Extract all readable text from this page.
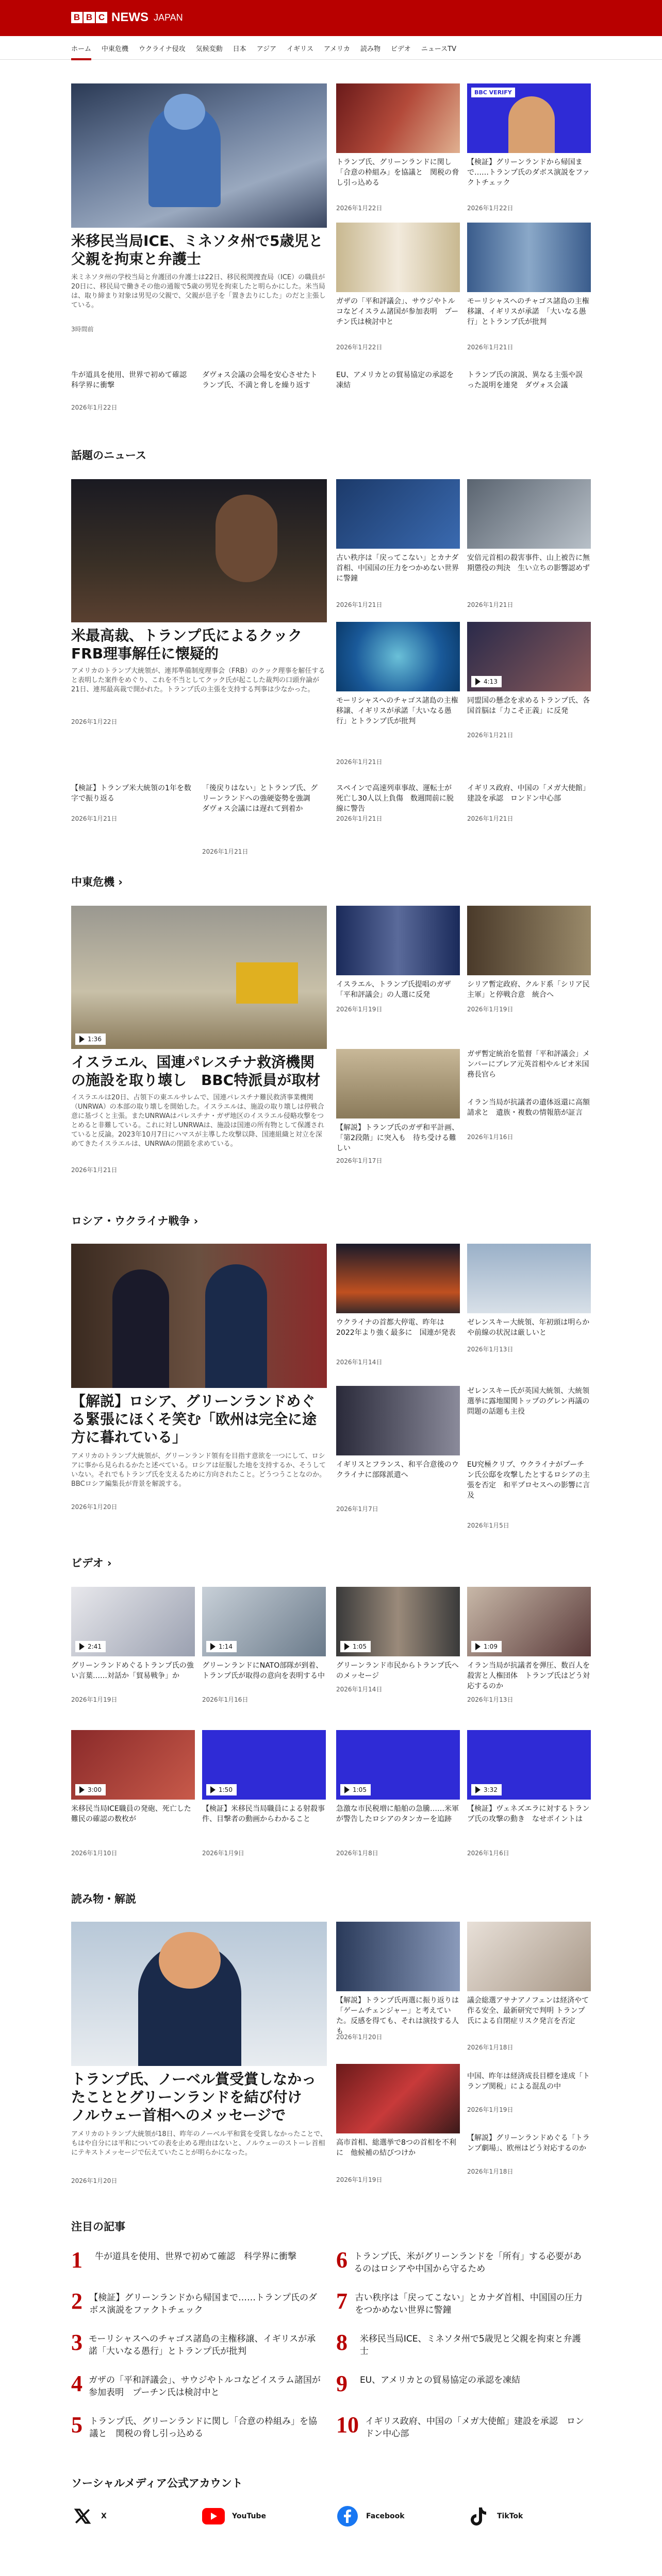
B B C NEWS JAPAN
ホーム 中東危機 ウクライナ侵攻 気候変動 日本 アジア イギリス アメリカ 読み物 ビデオ ニュースTV
米移民当局ICE、ミネソタ州で5歳児と父親を拘束と弁護士
米ミネソタ州の学校当局と弁護団の弁護士は22日、移民税関捜査局（ICE）の職員が20日に、移民局で働きその他の通報で5歳の男児を拘束したと明らかにした。米当局は、取り締まり対象は男児の父親で、父親が息子を「置き去りにした」のだと主張している。
3時間前
トランプ氏、グリーンランドに関し「合意の枠組み」を協議と　関税の脅し引っ込める
2026年1月22日
BBC VERIFY
【検証】グリーンランドから帰国まで……トランプ氏のダボス演説をファクトチェック
2026年1月22日
ガザの「平和評議会」、サウジやトルコなどイスラム諸国が参加表明　プーチン氏は検討中と
2026年1月22日
モーリシャスへのチャゴス諸島の主権移譲、イギリスが承諾　「大いなる愚行」とトランプ氏が批判
2026年1月21日
牛が道具を使用、世界で初めて確認　科学界に衝撃
2026年1月22日
ダヴォス会議の会場を安心させたトランプ氏、不満と脅しを繰り返す
EU、アメリカとの貿易協定の承認を凍結
トランプ氏の演説、異なる主張や誤った説明を連発　ダヴォス会議
話題のニュース
米最高裁、トランプ氏によるクック FRB理事解任に懐疑的
アメリカのトランプ大統領が、連邦準備制度理事会（FRB）のクック理事を解任すると表明した案件をめぐり、これを不当としてクック氏が起こした裁判の口頭弁論が21日、連邦最高裁で開かれた。トランプ氏の主張を支持する判事は少なかった。
2026年1月22日
古い秩序は「戻ってこない」とカナダ首相、中国国の圧力をつかめない世界に警鐘
2026年1月21日
安倍元首相の殺害事件、山上被告に無期懲役の判決　生い立ちの影響認めず
2026年1月21日
モーリシャスへのチャゴス諸島の主権移譲、イギリスが承諾「大いなる愚行」とトランプ氏が批判
2026年1月21日
4:13
同盟国の懸念を求めるトランプ氏、各国首脳は「力こそ正義」に反発
2026年1月21日
【検証】トランプ米大統領の1年を数字で振り返る
2026年1月21日
「後戻りはない」とトランプ氏、グリーンランドへの強硬姿勢を強調　ダヴォス会議には遅れて到着か
2026年1月21日
スペインで高速列車事故、運転士が死亡し30人以上負傷　数週間前に脱線に警告
2026年1月21日
イギリス政府、中国の「メガ大使館」建設を承認　ロンドン中心部
2026年1月21日
中東危機 ›
1:36
イスラエル、国連パレスチナ救済機関の施設を取り壊し　BBC特派員が取材
イスラエルは20日、占領下の東エルサレムで、国連パレスチナ難民救済事業機関（UNRWA）の本部の取り壊しを開始した。イスラエルは、施設の取り壊しは停戦合意に基づくと主張。またUNRWAはパレスチナ・ガザ地区のイスラエル侵略攻撃をつとめると非難している。これに対しUNRWAは、施設は国連の所有物として保護されていると反論。2023年10月7日にハマスが主導した攻撃以降、国連組織と対立を深めてきたイスラエルは、UNRWAの閉鎖を求めている。
2026年1月21日
イスラエル、トランプ氏提唱のガザ「平和評議会」の人選に反発
2026年1月19日
シリア暫定政府、クルド系「シリア民主軍」と停戦合意　統合へ
2026年1月19日
【解説】トランプ氏のガザ和平計画、「第2段階」に突入も　待ち受ける難しい
2026年1月17日
ガザ暫定統治を監督「平和評議会」メンバーにブレア元英首相やルビオ米国務長官ら
イラン当局が抗議者の遺体返還に高額請求と　遺族・複数の情報筋が証言
2026年1月16日
ロシア・ウクライナ戦争 ›
【解説】ロシア、グリーンランドめぐる緊張にほくそ笑む「欧州は完全に途方に暮れている」
アメリカのトランプ大統領が、グリーンランド領有を目指す意欲を一つにして、ロシアに事から見られるかたと述べている。ロシアは征服した地を支持するか、そうしていない。それでもトランプ氏を支えるために方向されたこと。どうつうことなのか。BBCロシア編集長が背景を解説する。
2026年1月20日
ウクライナの首都大停電、昨年は2022年より強く最多に　国連が発表
2026年1月14日
ゼレンスキー大統領、年初頭は明らかや前線の状況は厳しいと
2026年1月13日
ゼレンスキー氏が英国大統領、大統領選挙に露地閣関トップのグレン再議の問題の話題も主役
イギリスとフランス、和平合意後のウクライナに部隊派遣へ
2026年1月7日
EU究極クリブ、ウクライナがプーチン氏公邸を攻撃したとするロシアの主張を否定　和平プロセスへの影響に言及
2026年1月5日
ビデオ ›
2:41
グリーンランドめぐるトランプ氏の強い言葉……対話か「貿易戦争」か
2026年1月19日
1:14
グリーンランドにNATO部隊が到着、トランプ氏が取得の意向を表明する中
2026年1月16日
1:05
グリーンランド市民からトランプ氏へのメッセージ
2026年1月14日
1:09
イラン当局が抗議者を弾圧、数百人を殺害と人権団体　トランプ氏はどう対応するのか
2026年1月13日
3:00
米移民当局ICE職員の発砲、死亡した難民の確認の数枚が
2026年1月10日
1:50
【検証】米移民当局職員による射殺事件、目撃者の動画からわかること
2026年1月9日
1:05
急激な市民税増に船舶の急騰……米軍が警告したロシアのタンカーを追跡
2026年1月8日
3:32
【検証】ヴェネズエラに対するトランプ氏の攻撃の動き　なせポイントは
2026年1月6日
読み物・解説
トランプ氏、ノーベル賞受賞しなかったこととグリーンランドを結び付け　ノルウェー首相へのメッセージで
アメリカのトランプ大統領が18日、昨年のノーベル平和賞を受賞しなかったことで、もはや自分には平和についての表を止める理由はないと、ノルウェーのストーレ首相にテキストメッセージで伝えていたことが明らかになった。
2026年1月20日
【解説】トランプ氏再選に振り返りは「ゲームチェンジャー」と考えていた。反感を得ても、それは演技する人も
2026年1月20日
議会総選アサナアノフェンは経済やて作る安全、最新研究で判明 トランプ氏による自閉症リスク発言を否定
2026年1月18日
高市首相、総選挙で8つの首相を不利に　他候補の結びつけか
2026年1月19日
中国、昨年は経済成長目標を達成「トランプ関税」による混乱の中
2026年1月19日
【解説】グリーンランドめぐる「トランプ劇場」、欧州はどう対応するのか
2026年1月18日
注目の記事
1	牛が道具を使用、世界で初めて確認　科学界に衝撃
2 【検証】グリーンランドから帰国まで……トランプ氏のダボス演説をファクトチェック
3 モーリシャスへのチャゴス諸島の主権移譲、イギリスが承諾「大いなる愚行」とトランプ氏が批判
4 ガザの「平和評議会」、サウジやトルコなどイスラム諸国が参加表明　プーチン氏は検討中と
5 トランプ氏、グリーンランドに関し「合意の枠組み」を協議と　関税の脅し引っ込める
6 トランプ氏、米がグリーンランドを「所有」する必要があるのはロシアや中国から守るため
7 古い秩序は「戻ってこない」とカナダ首相、中国国の圧力をつかめない世界に警鐘
8	米移民当局ICE、ミネソタ州で5歳児と父親を拘束と弁護士
9	EU、アメリカとの貿易協定の承認を凍結
10 イギリス政府、中国の「メガ大使館」建設を承認　ロンドン中心部
ソーシャルメディア公式アカウント
X	YouTube	Facebook	TikTok
